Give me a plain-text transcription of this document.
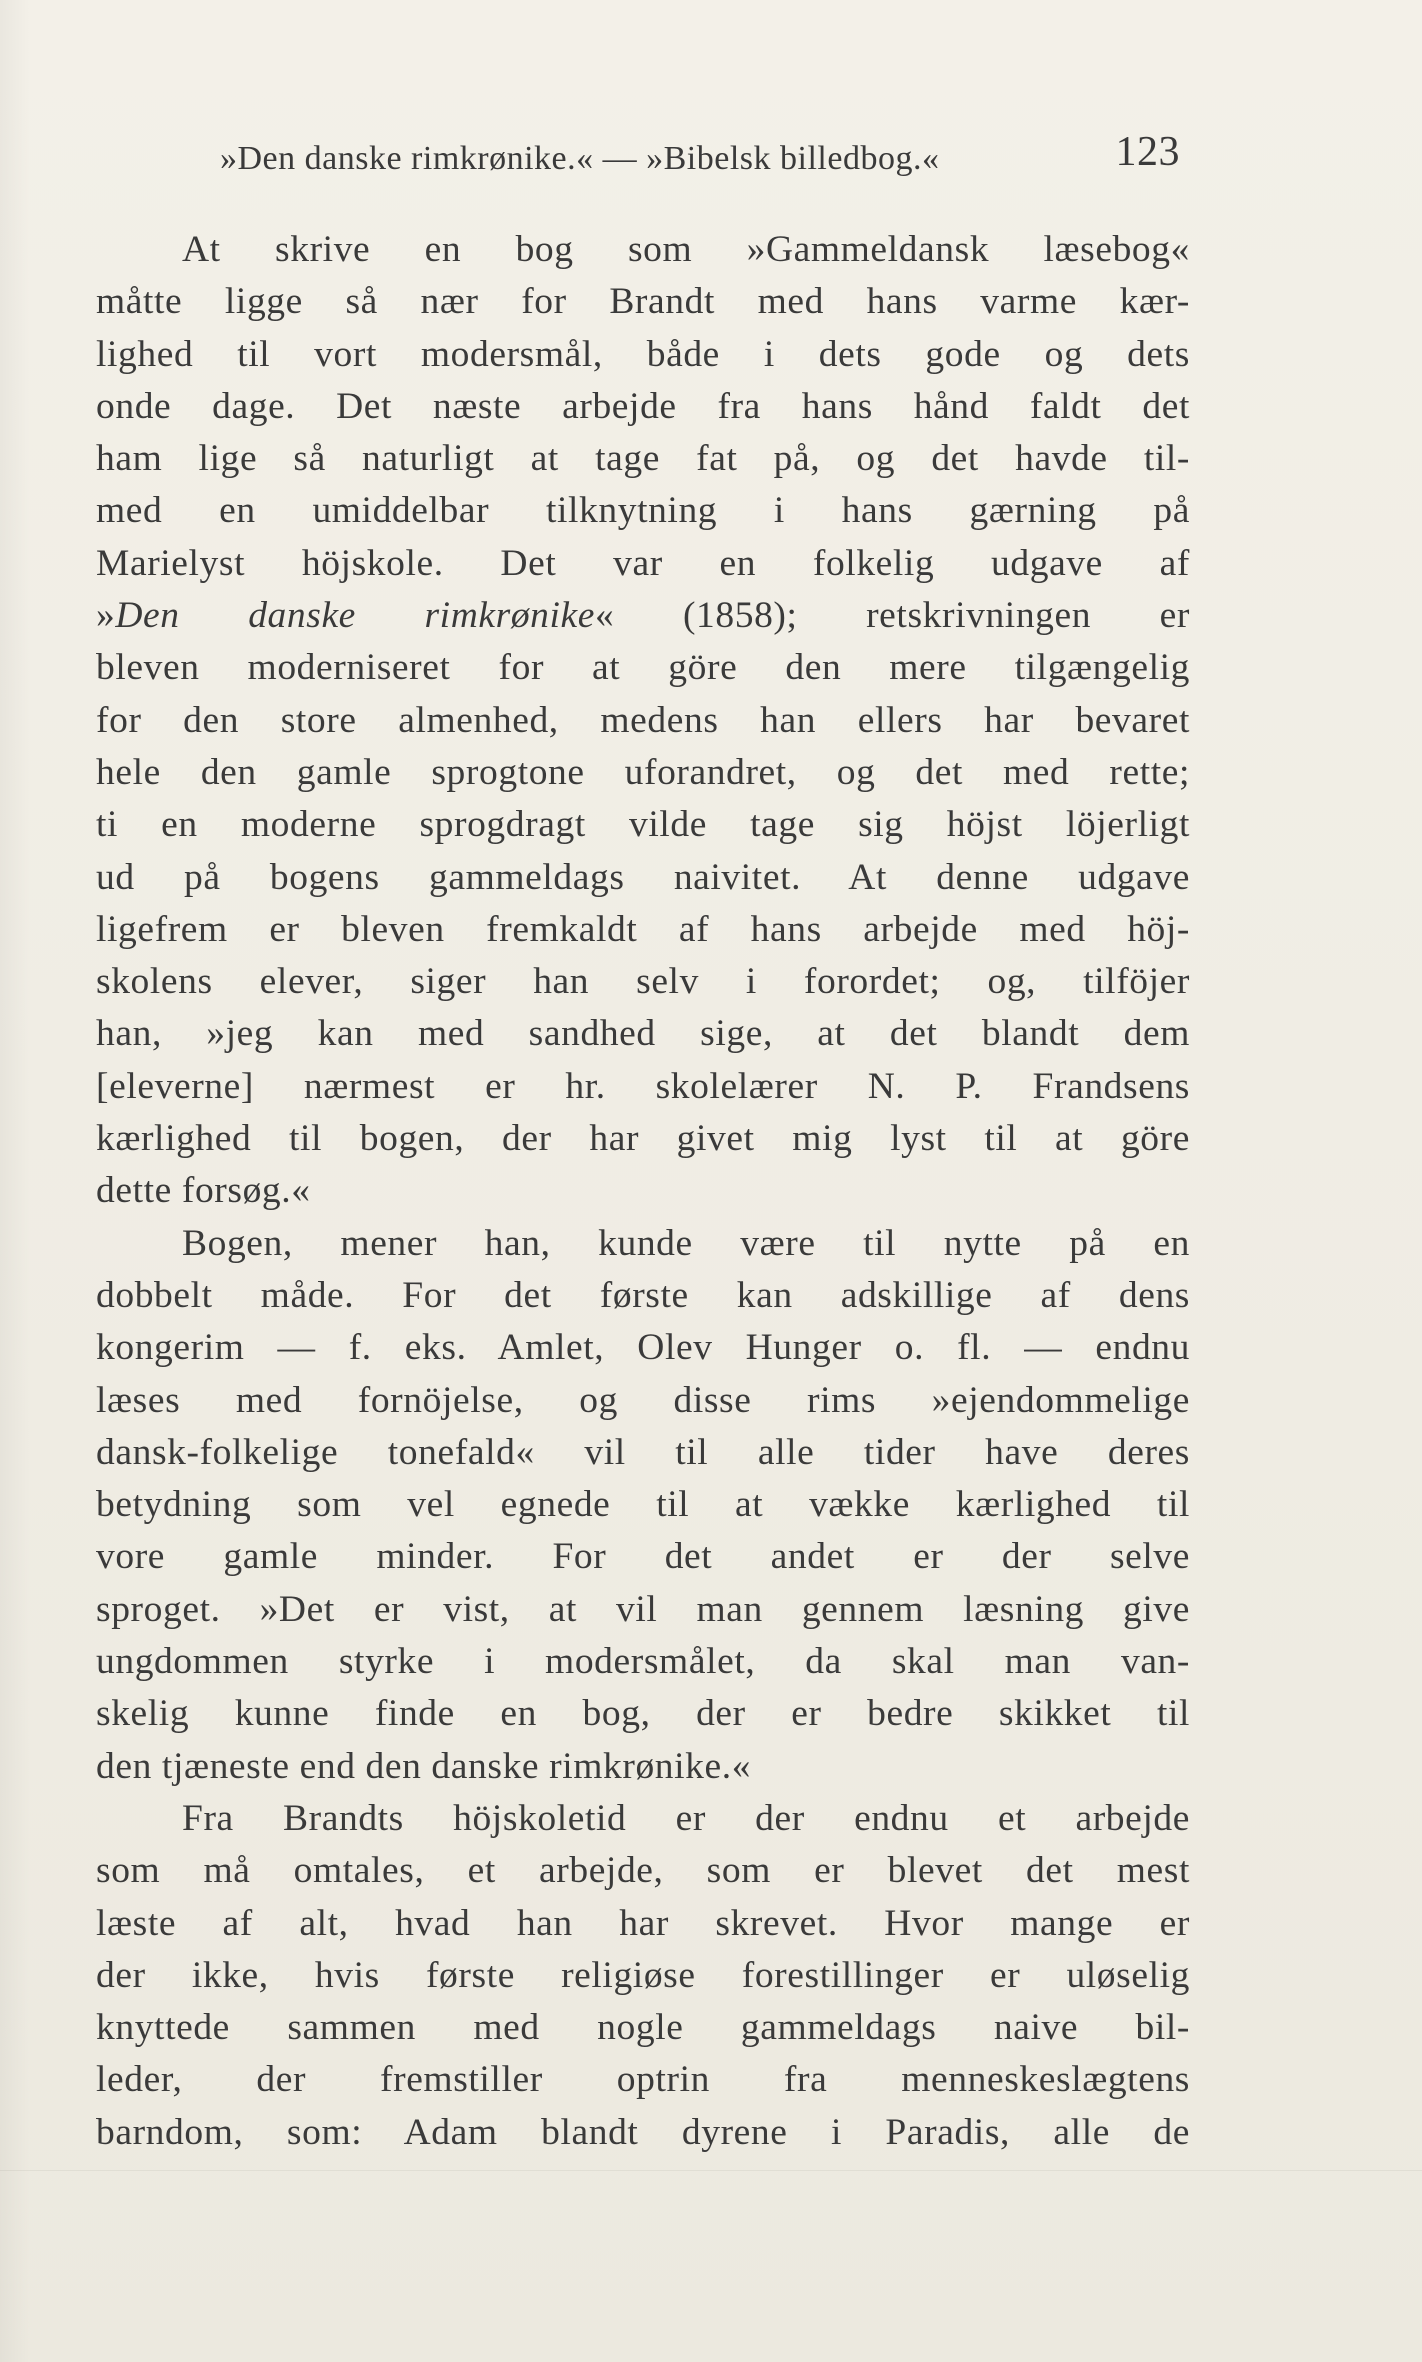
»Den danske rimkrønike.« — »Bibelsk billedbog.«	123
At skrive en bog som »Gammeldansk læsebog«
måtte ligge så nær for Brandt med hans varme kær-
lighed til vort modersmål, både i dets gode og dets
onde dage. Det næste arbejde fra hans hånd faldt det
ham lige så naturligt at tage fat på, og det havde til-
med en umiddelbar tilknytning i hans gærning på
Marielyst höjskole. Det var en folkelig udgave af
»Den danske rimkrønike« (1858); retskrivningen er
bleven moderniseret for at göre den mere tilgængelig
for den store almenhed, medens han ellers har bevaret
hele den gamle sprogtone uforandret, og det med rette;
ti en moderne sprogdragt vilde tage sig höjst löjerligt
ud på bogens gammeldags naivitet. At denne udgave
ligefrem er bleven fremkaldt af hans arbejde med höj-
skolens elever, siger han selv i forordet; og, tilföjer
han, »jeg kan med sandhed sige, at det blandt dem
[eleverne] nærmest er hr. skolelærer N. P. Frandsens
kærlighed til bogen, der har givet mig lyst til at göre
dette forsøg.«
Bogen, mener han, kunde være til nytte på en
dobbelt måde. For det første kan adskillige af dens
kongerim — f. eks. Amlet, Olev Hunger o. fl. — endnu
læses med fornöjelse, og disse rims »ejendommelige
dansk-folkelige tonefald« vil til alle tider have deres
betydning som vel egnede til at vække kærlighed til
vore gamle minder. For det andet er der selve
sproget. »Det er vist, at vil man gennem læsning give
ungdommen styrke i modersmålet, da skal man van-
skelig kunne finde en bog, der er bedre skikket til
den tjæneste end den danske rimkrønike.«
Fra Brandts höjskoletid er der endnu et arbejde
som må omtales, et arbejde, som er blevet det mest
læste af alt, hvad han har skrevet. Hvor mange er
der ikke, hvis første religiøse forestillinger er uløselig
knyttede sammen med nogle gammeldags naive bil-
leder, der fremstiller optrin fra menneskeslægtens
barndom, som: Adam blandt dyrene i Paradis, alle de
